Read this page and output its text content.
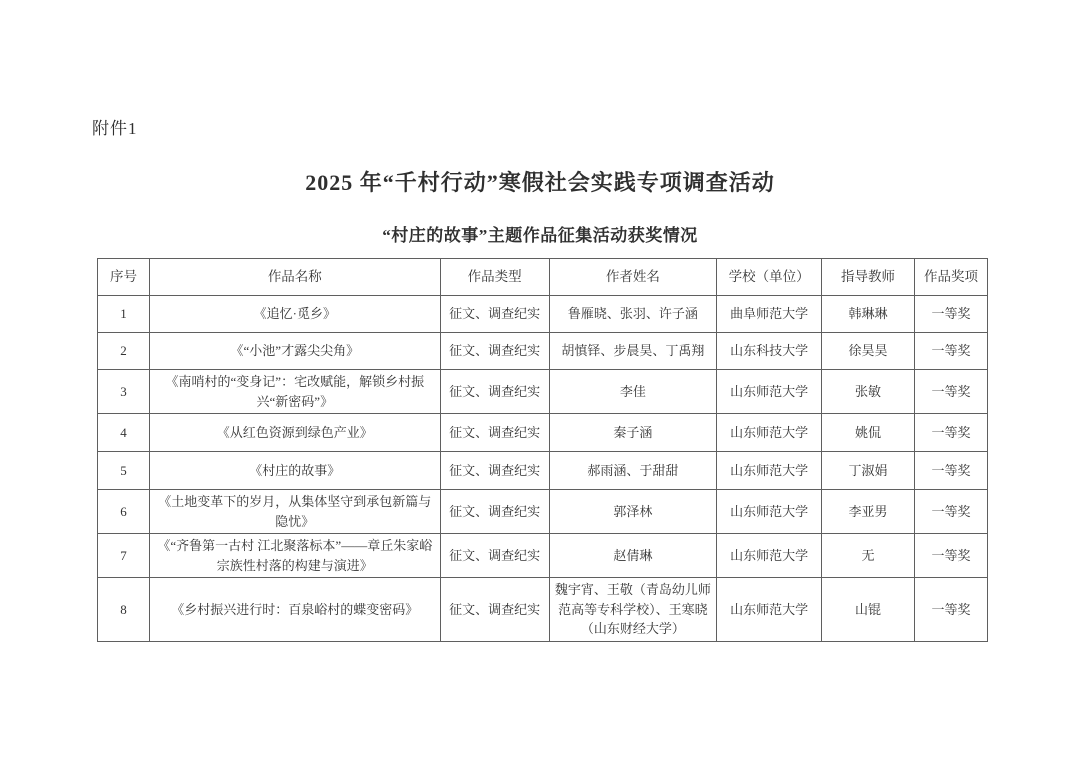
附件1
2025 年“千村行动”寒假社会实践专项调查活动
“村庄的故事”主题作品征集活动获奖情况
序号	作品名称	作品类型	作者姓名	学校（单位）	指导教师	作品奖项
1	《追忆·觅乡》	征文、调查纪实	鲁雁晓、张羽、许子涵	曲阜师范大学	韩琳琳	一等奖
2	《“小池”才露尖尖角》	征文、调查纪实	胡慎铎、步晨昊、丁禹翔	山东科技大学	徐昊昊	一等奖
3	《南哨村的“变身记”：宅改赋能，解锁乡村振兴“新密码”》	征文、调查纪实	李佳	山东师范大学	张敏	一等奖
4	《从红色资源到绿色产业》	征文、调查纪实	秦子涵	山东师范大学	姚侃	一等奖
5	《村庄的故事》	征文、调查纪实	郝雨涵、于甜甜	山东师范大学	丁淑娟	一等奖
6	《土地变革下的岁月，从集体坚守到承包新篇与隐忧》	征文、调查纪实	郭泽林	山东师范大学	李亚男	一等奖
7	《“齐鲁第一古村 江北聚落标本”——章丘朱家峪宗族性村落的构建与演进》	征文、调查纪实	赵倩琳	山东师范大学	无	一等奖
8	《乡村振兴进行时：百泉峪村的蝶变密码》	征文、调查纪实	魏宇宵、王敬（青岛幼儿师范高等专科学校）、王寒晓（山东财经大学）	山东师范大学	山锟	一等奖
